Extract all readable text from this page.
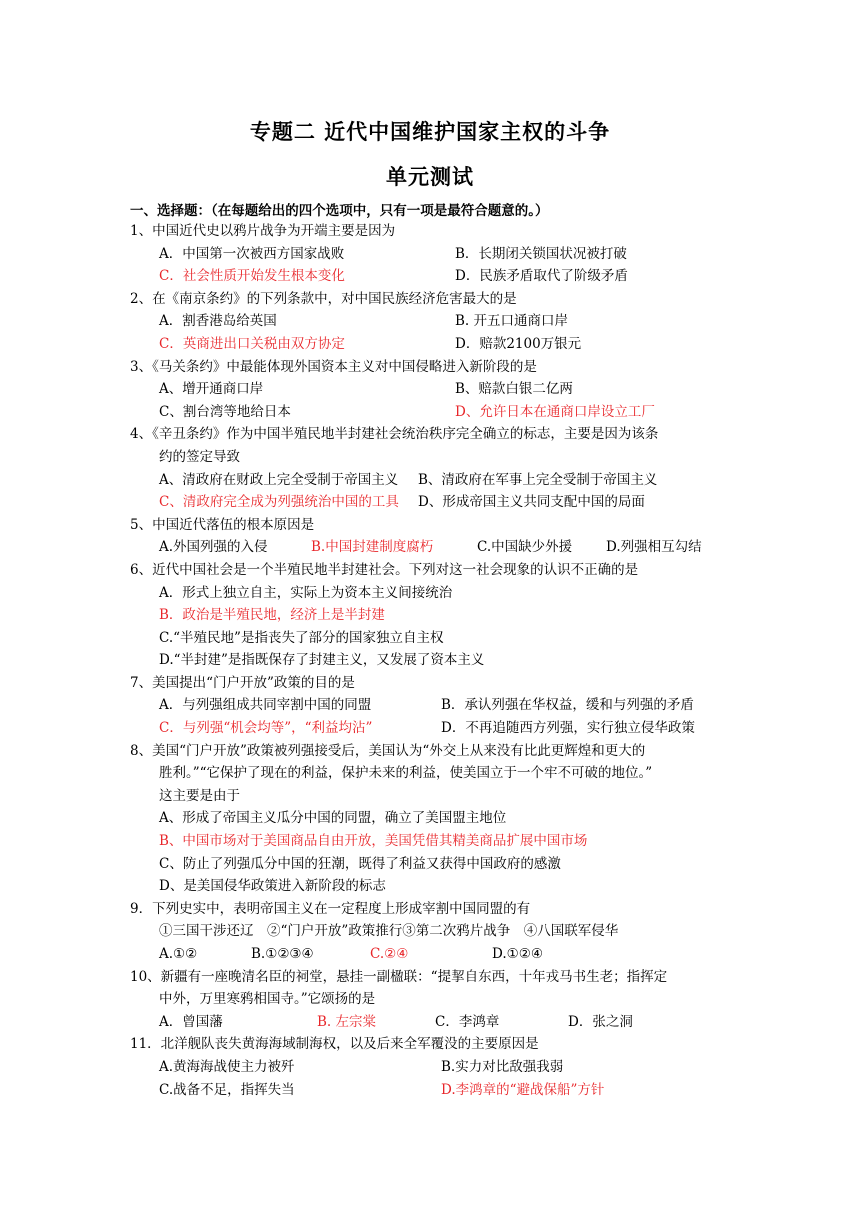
专题二 近代中国维护国家主权的斗争
单元测试
一、选择题：（在每题给出的四个选项中，只有一项是最符合题意的。）
1、中国近代史以鸦片战争为开端主要是因为
A．中国第一次被西方国家战败	B．长期闭关锁国状况被打破
C．社会性质开始发生根本变化	D．民族矛盾取代了阶级矛盾
2、在《南京条约》的下列条款中，对中国民族经济危害最大的是
A．割香港岛给英国	B. 开五口通商口岸
C．英商进出口关税由双方协定	D．赔款2100万银元
3、《马关条约》中最能体现外国资本主义对中国侵略进入新阶段的是
A、增开通商口岸	B、赔款白银二亿两
C、割台湾等地给日本	D、允许日本在通商口岸设立工厂
4、《辛丑条约》作为中国半殖民地半封建社会统治秩序完全确立的标志，主要是因为该条
约的签定导致
A、清政府在财政上完全受制于帝国主义 B、清政府在军事上完全受制于帝国主义
C、清政府完全成为列强统治中国的工具 D、形成帝国主义共同支配中国的局面
5、中国近代落伍的根本原因是
A.外国列强的入侵	B.中国封建制度腐朽	C.中国缺少外援	D.列强相互勾结
6、近代中国社会是一个半殖民地半封建社会。下列对这一社会现象的认识不正确的是
A．形式上独立自主，实际上为资本主义间接统治
B．政治是半殖民地，经济上是半封建
C.“半殖民地”是指丧失了部分的国家独立自主权
D.“半封建”是指既保存了封建主义，又发展了资本主义
7、美国提出“门户开放”政策的目的是
A．与列强组成共同宰割中国的同盟	B．承认列强在华权益，缓和与列强的矛盾
C．与列强“机会均等”，“利益均沾”	D．不再追随西方列强，实行独立侵华政策
8、美国“门户开放”政策被列强接受后，美国认为“外交上从来没有比此更辉煌和更大的
胜利。”“它保护了现在的利益，保护未来的利益，使美国立于一个牢不可破的地位。”
这主要是由于
A、形成了帝国主义瓜分中国的同盟，确立了美国盟主地位
B、中国市场对于美国商品自由开放，美国凭借其精美商品扩展中国市场
C、防止了列强瓜分中国的狂潮，既得了利益又获得中国政府的感激
D、是美国侵华政策进入新阶段的标志
9．下列史实中，表明帝国主义在一定程度上形成宰割中国同盟的有
①三国干涉还辽　②“门户开放”政策推行③第二次鸦片战争　④八国联军侵华
A.①②	B.①②③④	C.②④	D.①②④
10、新疆有一座晚清名臣的祠堂，悬挂一副楹联：“提挈自东西，十年戎马书生老；指挥定
中外，万里寒鸦相国寺。”它颂扬的是
A．曾国藩	B. 左宗棠	C．李鸿章	D．张之洞
11．北洋舰队丧失黄海海域制海权，以及后来全军覆没的主要原因是
A.黄海海战使主力被歼	B.实力对比敌强我弱
C.战备不足，指挥失当	D.李鸿章的“避战保船”方针
